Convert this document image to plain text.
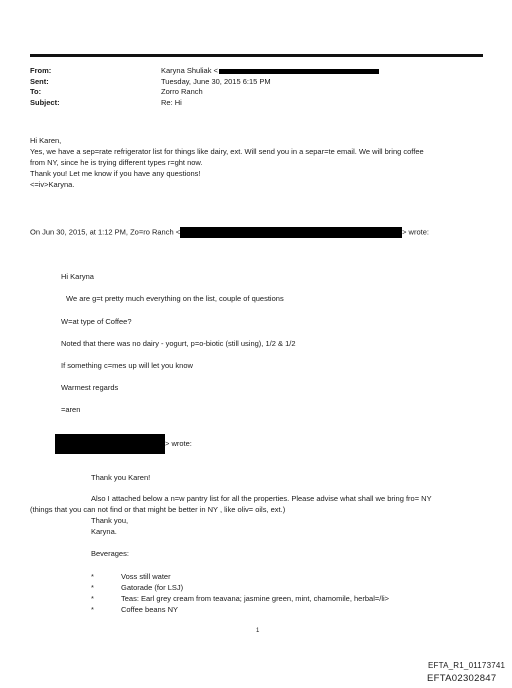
From:	Karyna Shuliak <
Sent:	Tuesday, June 30, 2015 6:15 PM
To:	Zorro Ranch
Subject:	Re: Hi
Hi Karen,
Yes, we have a sep=rate refrigerator list for things like dairy, ext. Will send you in a separ=te email. We will bring coffee
from NY, since he is trying different types r=ght now.
Thank you! Let me know if you have any questions!
<=iv>Karyna.
On Jun 30, 2015, at 1:12 PM, Zo=ro Ranch <	> wrote:
Hi Karyna
We are g=t pretty much everything on the list, couple of questions
W=at type of Coffee?
Noted that there was no dairy - yogurt, p=o-biotic (still using), 1/2 & 1/2
If something c=mes up will let you know
Warmest regards
=aren
> wrote:
Thank you Karen!
Also I attached below a n=w pantry list for all the properties. Please advise what shall we bring fro= NY
(things that you can not find or that might be better in NY , like oliv= oils, ext.)
Thank you,
Karyna.
Beverages:
*	Voss still water
*	Gatorade (for LSJ)
*	Teas: Earl grey cream from teavana; jasmine green, mint, chamomile, herbal=/li>
*	Coffee beans NY
1
EFTA_R1_01173741
EFTA02302847
